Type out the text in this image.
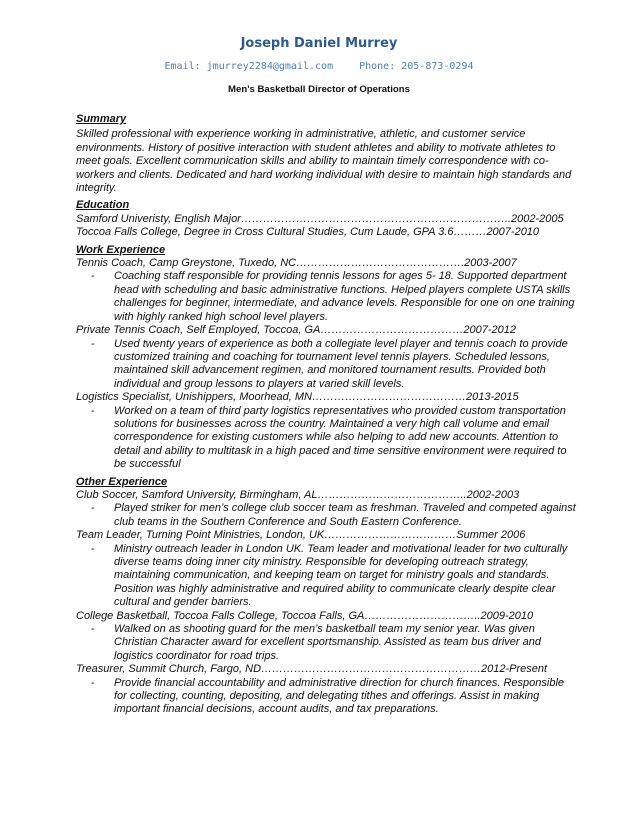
Joseph Daniel Murrey
Email: jmurrey2284@gmail.com	Phone: 205-873-0294
Men's Basketball Director of Operations
Summary
Skilled professional with experience working in administrative, athletic, and customer service environments. History of positive interaction with student athletes and ability to motivate athletes to meet goals. Excellent communication skills and ability to maintain timely correspondence with co-workers and clients. Dedicated and hard working individual with desire to maintain high standards and integrity.
Education
Samford Univeristy, English Major………………………………………………………………..2002-2005
Toccoa Falls College, Degree in Cross Cultural Studies, Cum Laude, GPA 3.6………2007-2010
Work Experience
Tennis Coach, Camp Greystone, Tuxedo, NC……………………………………….2003-2007
- Coaching staff responsible for providing tennis lessons for ages 5- 18. Supported department head with scheduling and basic administrative functions. Helped players complete USTA skills challenges for beginner, intermediate, and advance levels. Responsible for one on one training with highly ranked high school level players.
Private Tennis Coach, Self Employed, Toccoa, GA…………………………………2007-2012
- Used twenty years of experience as both a collegiate level player and tennis coach to provide customized training and coaching for tournament level tennis players. Scheduled lessons, maintained skill advancement regimen, and monitored tournament results. Provided both individual and group lessons to players at varied skill levels.
Logistics Specialist, Unishippers, Moorhead, MN……………………………………2013-2015
- Worked on a team of third party logistics representatives who provided custom transportation solutions for businesses across the country. Maintained a very high call volume and email correspondence for existing customers while also helping to add new accounts. Attention to detail and ability to multitask in a high paced and time sensitive environment were required to be successful
Other Experience
Club Soccer, Samford University, Birmingham, AL…………………………………..2002-2003
- Played striker for men’s college club soccer team as freshman. Traveled and competed against club teams in the Southern Conference and South Eastern Conference.
Team Leader, Turning Point Ministries, London, UK………………………………Summer 2006
- Ministry outreach leader in London UK. Team leader and motivational leader for two culturally diverse teams doing inner city ministry. Responsible for developing outreach strategy, maintaining communication, and keeping team on target for ministry goals and standards. Position was highly administrative and required ability to communicate clearly despite clear cultural and gender barriers.
College Basketball, Toccoa Falls College, Toccoa Falls, GA…………………………..2009-2010
- Walked on as shooting guard for the men’s basketball team my senior year. Was given Christian Character award for excellent sportsmanship. Assisted as team bus driver and logistics coordinator for road trips.
Treasurer, Summit Church, Fargo, ND……………………………………………………2012-Present
- Provide financial accountability and administrative direction for church finances. Responsible for collecting, counting, depositing, and delegating tithes and offerings. Assist in making important financial decisions, account audits, and tax preparations.
